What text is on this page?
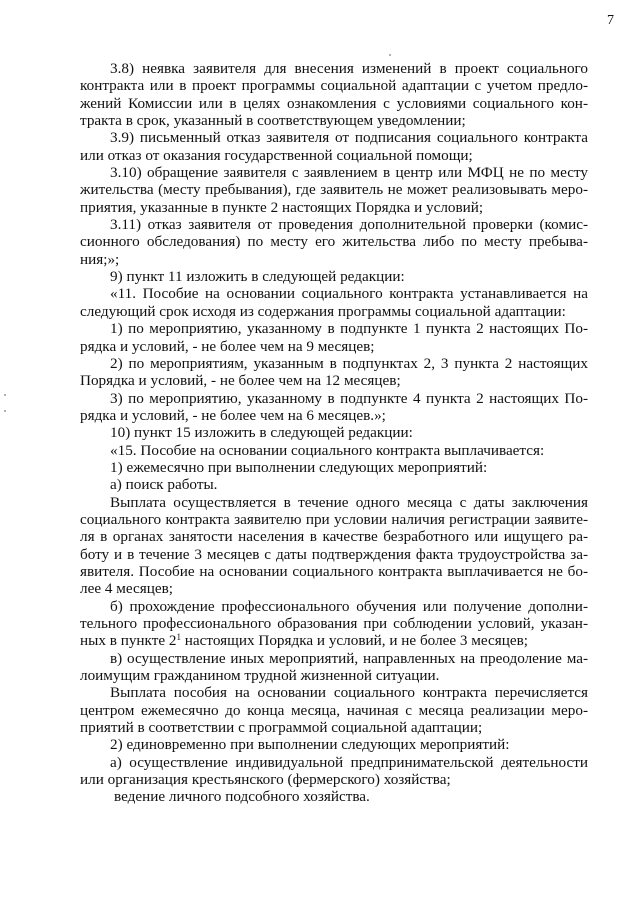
7

3.8) неявка заявителя для внесения изменений в проект социального контракта или в проект программы социальной адаптации с учетом предложений Комиссии или в целях ознакомления с условиями социального контракта в срок, указанный в соответствующем уведомлении;

3.9) письменный отказ заявителя от подписания социального контракта или отказ от оказания государственной социальной помощи;

3.10) обращение заявителя с заявлением в центр или МФЦ не по месту жительства (месту пребывания), где заявитель не может реализовывать мероприятия, указанные в пункте 2 настоящих Порядка и условий;

3.11) отказ заявителя от проведения дополнительной проверки (комиссионного обследования) по месту его жительства либо по месту пребывания;»;

9) пункт 11 изложить в следующей редакции:

«11. Пособие на основании социального контракта устанавливается на следующий срок исходя из содержания программы социальной адаптации:

1) по мероприятию, указанному в подпункте 1 пункта 2 настоящих Порядка и условий, - не более чем на 9 месяцев;

2) по мероприятиям, указанным в подпунктах 2, 3 пункта 2 настоящих Порядка и условий, - не более чем на 12 месяцев;

3) по мероприятию, указанному в подпункте 4 пункта 2 настоящих Порядка и условий, - не более чем на 6 месяцев.»;

10) пункт 15 изложить в следующей редакции:

«15. Пособие на основании социального контракта выплачивается:

1) ежемесячно при выполнении следующих мероприятий:

а) поиск работы.

Выплата осуществляется в течение одного месяца с даты заключения социального контракта заявителю при условии наличия регистрации заявителя в органах занятости населения в качестве безработного или ищущего работу и в течение 3 месяцев с даты подтверждения факта трудоустройства заявителя. Пособие на основании социального контракта выплачивается не более 4 месяцев;

б) прохождение профессионального обучения или получение дополнительного профессионального образования при соблюдении условий, указанных в пункте $2^1$ настоящих Порядка и условий, и не более 3 месяцев;

в) осуществление иных мероприятий, направленных на преодоление малоимущим гражданином трудной жизненной ситуации.

Выплата пособия на основании социального контракта перечисляется центром ежемесячно до конца месяца, начиная с месяца реализации мероприятий в соответствии с программой социальной адаптации;

2) единовременно при выполнении следующих мероприятий:

а) осуществление индивидуальной предпринимательской деятельности или организация крестьянского (фермерского) хозяйства;

ведение личного подсобного хозяйства.
